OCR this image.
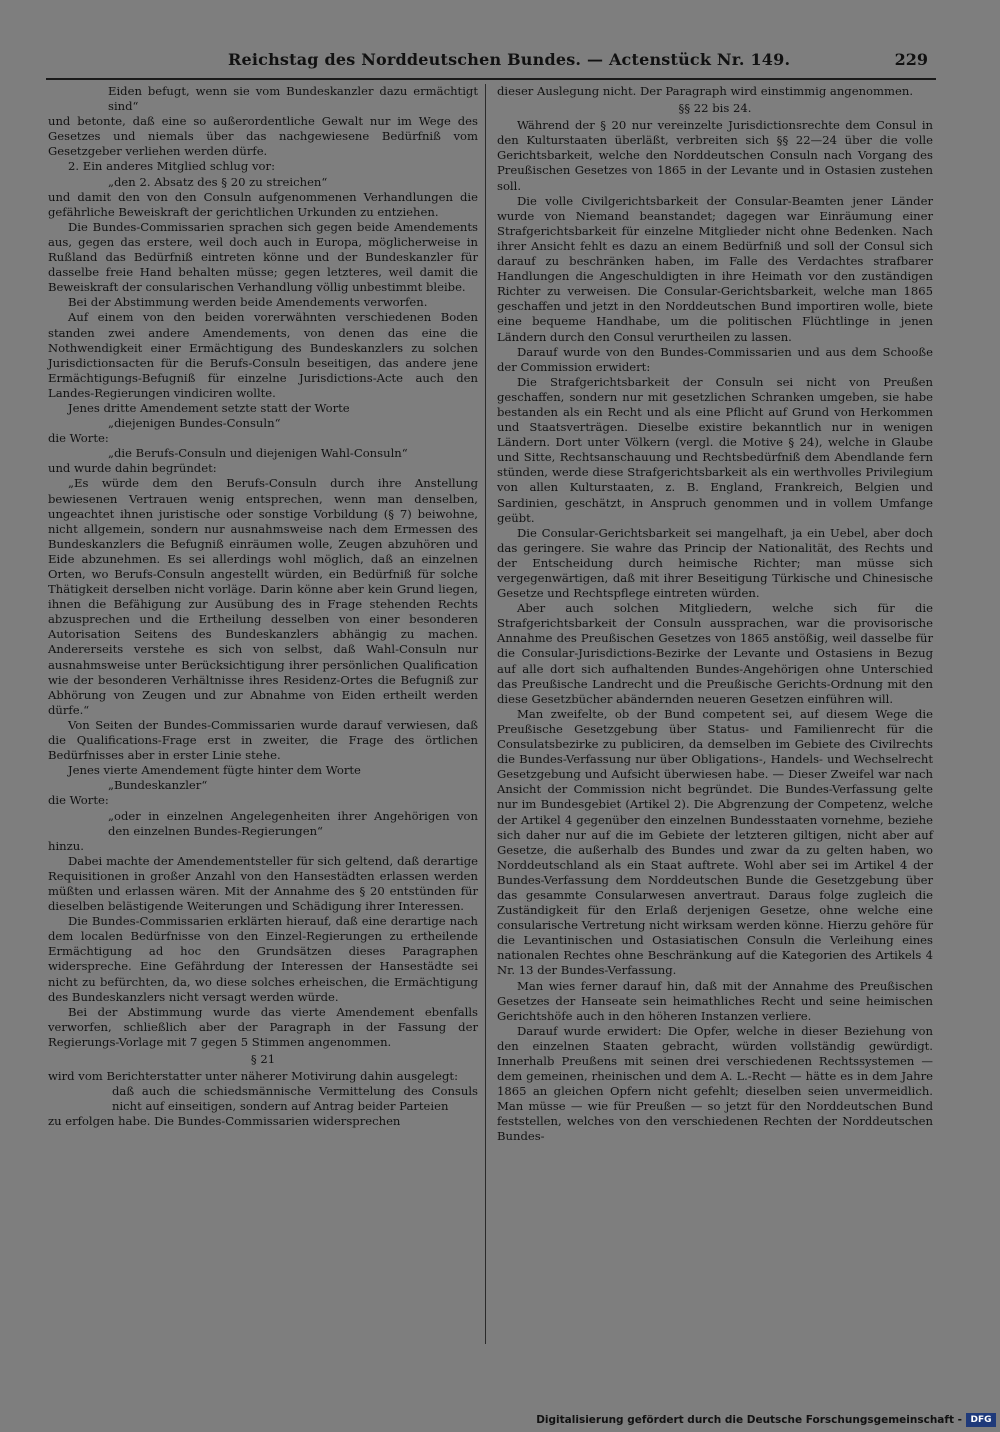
Reichstag des Norddeutschen Bundes. — Actenstück Nr. 149.	229

Eiden befugt, wenn sie vom Bundeskanzler dazu ermächtigt sind“

und betonte, daß eine so außerordentliche Gewalt nur im Wege des Gesetzes und niemals über das nachgewiesene Bedürfniß vom Gesetzgeber verliehen werden dürfe.

2. Ein anderes Mitglied schlug vor:

„den 2. Absatz des § 20 zu streichen“

und damit den von den Consuln aufgenommenen Verhandlungen die gefährliche Beweiskraft der gerichtlichen Urkunden zu entziehen.

Die Bundes-Commissarien sprachen sich gegen beide Amendements aus, gegen das erstere, weil doch auch in Europa, möglicherweise in Rußland das Bedürfniß eintreten könne und der Bundeskanzler für dasselbe freie Hand behalten müsse; gegen letzteres, weil damit die Beweiskraft der consularischen Verhandlung völlig unbestimmt bleibe.

Bei der Abstimmung werden beide Amendements verworfen.

Auf einem von den beiden vorerwähnten verschiedenen Boden standen zwei andere Amendements, von denen das eine die Nothwendigkeit einer Ermächtigung des Bundeskanzlers zu solchen Jurisdictionsacten für die Berufs-Consuln beseitigen, das andere jene Ermächtigungs-Befugniß für einzelne Jurisdictions-Acte auch den Landes-Regierungen vindiciren wollte.

Jenes dritte Amendement setzte statt der Worte

„diejenigen Bundes-Consuln“

die Worte:

„die Berufs-Consuln und diejenigen Wahl-Consuln“

und wurde dahin begründet:

„Es würde dem den Berufs-Consuln durch ihre Anstellung bewiesenen Vertrauen wenig entsprechen, wenn man denselben, ungeachtet ihnen juristische oder sonstige Vorbildung (§ 7) beiwohne, nicht allgemein, sondern nur ausnahmsweise nach dem Ermessen des Bundeskanzlers die Befugniß einräumen wolle, Zeugen abzuhören und Eide abzunehmen. Es sei allerdings wohl möglich, daß an einzelnen Orten, wo Berufs-Consuln angestellt würden, ein Bedürfniß für solche Thätigkeit derselben nicht vorläge. Darin könne aber kein Grund liegen, ihnen die Befähigung zur Ausübung des in Frage stehenden Rechts abzusprechen und die Ertheilung desselben von einer besonderen Autorisation Seitens des Bundeskanzlers abhängig zu machen. Andererseits verstehe es sich von selbst, daß Wahl-Consuln nur ausnahmsweise unter Berücksichtigung ihrer persönlichen Qualification wie der besonderen Verhältnisse ihres Residenz-Ortes die Befugniß zur Abhörung von Zeugen und zur Abnahme von Eiden ertheilt werden dürfe.“

Von Seiten der Bundes-Commissarien wurde darauf verwiesen, daß die Qualifications-Frage erst in zweiter, die Frage des örtlichen Bedürfnisses aber in erster Linie stehe.

Jenes vierte Amendement fügte hinter dem Worte

„Bundeskanzler“

die Worte:

„oder in einzelnen Angelegenheiten ihrer Angehörigen von den einzelnen Bundes-Regierungen“

hinzu.

Dabei machte der Amendementsteller für sich geltend, daß derartige Requisitionen in großer Anzahl von den Hansestädten erlassen werden müßten und erlassen wären. Mit der Annahme des § 20 entstünden für dieselben belästigende Weiterungen und Schädigung ihrer Interessen.

Die Bundes-Commissarien erklärten hierauf, daß eine derartige nach dem localen Bedürfnisse von den Einzel-Regierungen zu ertheilende Ermächtigung ad hoc den Grundsätzen dieses Paragraphen widerspreche. Eine Gefährdung der Interessen der Hansestädte sei nicht zu befürchten, da, wo diese solches erheischen, die Ermächtigung des Bundeskanzlers nicht versagt werden würde.

Bei der Abstimmung wurde das vierte Amendement ebenfalls verworfen, schließlich aber der Paragraph in der Fassung der Regierungs-Vorlage mit 7 gegen 5 Stimmen angenommen.

§ 21

wird vom Berichterstatter unter näherer Motivirung dahin ausgelegt:

daß auch die schiedsmännische Vermittelung des Consuls nicht auf einseitigen, sondern auf Antrag beider Parteien

zu erfolgen habe. Die Bundes-Commissarien widersprechen

dieser Auslegung nicht. Der Paragraph wird einstimmig angenommen.

§§ 22 bis 24.

Während der § 20 nur vereinzelte Jurisdictionsrechte dem Consul in den Kulturstaaten überläßt, verbreiten sich §§ 22—24 über die volle Gerichtsbarkeit, welche den Norddeutschen Consuln nach Vorgang des Preußischen Gesetzes von 1865 in der Levante und in Ostasien zustehen soll.

Die volle Civilgerichtsbarkeit der Consular-Beamten jener Länder wurde von Niemand beanstandet; dagegen war Einräumung einer Strafgerichtsbarkeit für einzelne Mitglieder nicht ohne Bedenken. Nach ihrer Ansicht fehlt es dazu an einem Bedürfniß und soll der Consul sich darauf zu beschränken haben, im Falle des Verdachtes strafbarer Handlungen die Angeschuldigten in ihre Heimath vor den zuständigen Richter zu verweisen. Die Consular-Gerichtsbarkeit, welche man 1865 geschaffen und jetzt in den Norddeutschen Bund importiren wolle, biete eine bequeme Handhabe, um die politischen Flüchtlinge in jenen Ländern durch den Consul verurtheilen zu lassen.

Darauf wurde von den Bundes-Commissarien und aus dem Schooße der Commission erwidert:

Die Strafgerichtsbarkeit der Consuln sei nicht von Preußen geschaffen, sondern nur mit gesetzlichen Schranken umgeben, sie habe bestanden als ein Recht und als eine Pflicht auf Grund von Herkommen und Staatsverträgen. Dieselbe existire bekanntlich nur in wenigen Ländern. Dort unter Völkern (vergl. die Motive § 24), welche in Glaube und Sitte, Rechtsanschauung und Rechtsbedürfniß dem Abendlande fern stünden, werde diese Strafgerichtsbarkeit als ein werthvolles Privilegium von allen Kulturstaaten, z. B. England, Frankreich, Belgien und Sardinien, geschätzt, in Anspruch genommen und in vollem Umfange geübt.

Die Consular-Gerichtsbarkeit sei mangelhaft, ja ein Uebel, aber doch das geringere. Sie wahre das Princip der Nationalität, des Rechts und der Entscheidung durch heimische Richter; man müsse sich vergegenwärtigen, daß mit ihrer Beseitigung Türkische und Chinesische Gesetze und Rechtspflege eintreten würden.

Aber auch solchen Mitgliedern, welche sich für die Strafgerichtsbarkeit der Consuln aussprachen, war die provisorische Annahme des Preußischen Gesetzes von 1865 anstößig, weil dasselbe für die Consular-Jurisdictions-Bezirke der Levante und Ostasiens in Bezug auf alle dort sich aufhaltenden Bundes-Angehörigen ohne Unterschied das Preußische Landrecht und die Preußische Gerichts-Ordnung mit den diese Gesetzbücher abändernden neueren Gesetzen einführen will.

Man zweifelte, ob der Bund competent sei, auf diesem Wege die Preußische Gesetzgebung über Status- und Familienrecht für die Consulatsbezirke zu publiciren, da demselben im Gebiete des Civilrechts die Bundes-Verfassung nur über Obligations-, Handels- und Wechselrecht Gesetzgebung und Aufsicht überwiesen habe. — Dieser Zweifel war nach Ansicht der Commission nicht begründet. Die Bundes-Verfassung gelte nur im Bundesgebiet (Artikel 2). Die Abgrenzung der Competenz, welche der Artikel 4 gegenüber den einzelnen Bundesstaaten vornehme, beziehe sich daher nur auf die im Gebiete der letzteren giltigen, nicht aber auf Gesetze, die außerhalb des Bundes und zwar da zu gelten haben, wo Norddeutschland als ein Staat auftrete. Wohl aber sei im Artikel 4 der Bundes-Verfassung dem Norddeutschen Bunde die Gesetzgebung über das gesammte Consularwesen anvertraut. Daraus folge zugleich die Zuständigkeit für den Erlaß derjenigen Gesetze, ohne welche eine consularische Vertretung nicht wirksam werden könne. Hierzu gehöre für die Levantinischen und Ostasiatischen Consuln die Verleihung eines nationalen Rechtes ohne Beschränkung auf die Kategorien des Artikels 4 Nr. 13 der Bundes-Verfassung.

Man wies ferner darauf hin, daß mit der Annahme des Preußischen Gesetzes der Hanseate sein heimathliches Recht und seine heimischen Gerichtshöfe auch in den höheren Instanzen verliere.

Darauf wurde erwidert: Die Opfer, welche in dieser Beziehung von den einzelnen Staaten gebracht, würden vollständig gewürdigt. Innerhalb Preußens mit seinen drei verschiedenen Rechtssystemen — dem gemeinen, rheinischen und dem A. L.-Recht — hätte es in dem Jahre 1865 an gleichen Opfern nicht gefehlt; dieselben seien unvermeidlich. Man müsse — wie für Preußen — so jetzt für den Norddeutschen Bund feststellen, welches von den verschiedenen Rechten der Norddeutschen Bundes-

Digitalisierung gefördert durch die Deutsche Forschungsgemeinschaft - DFG
